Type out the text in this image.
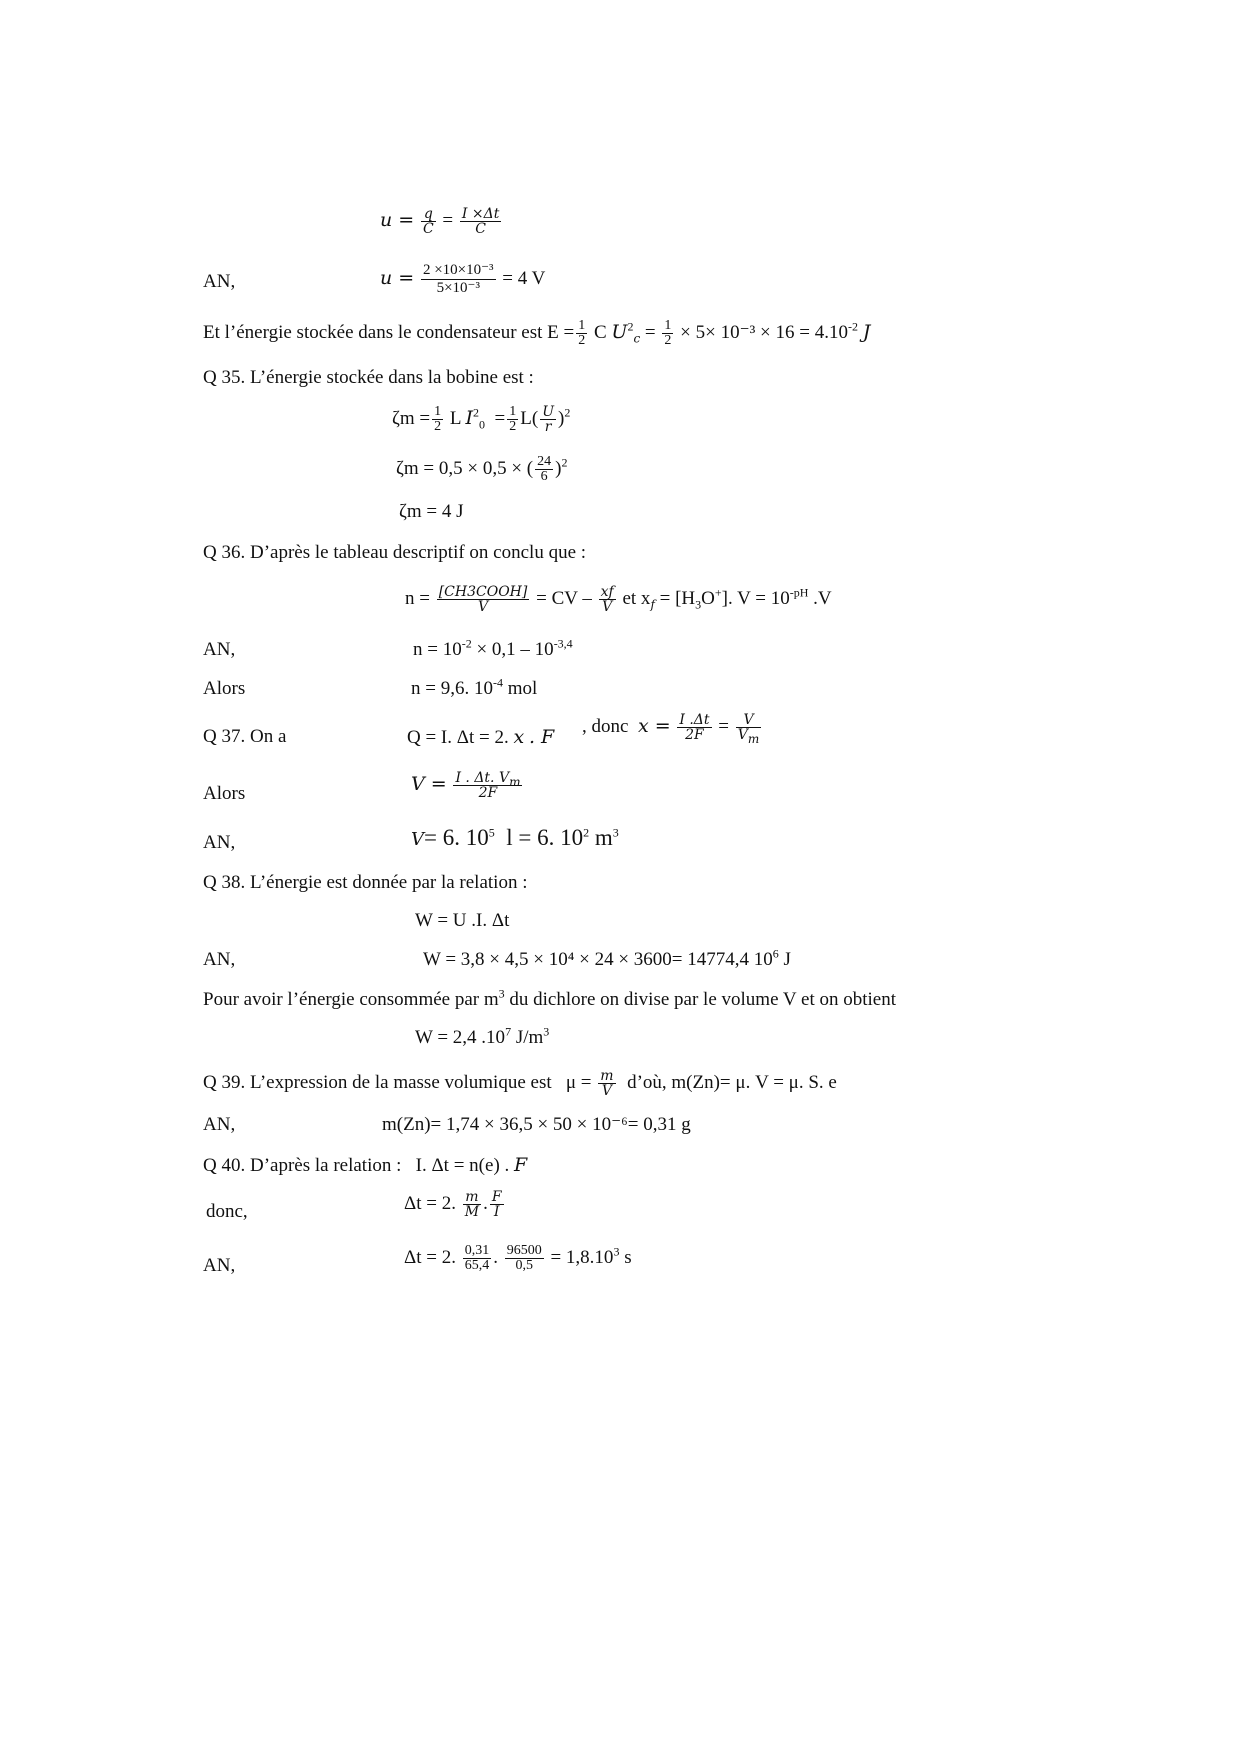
$u = \frac{q}{C} = \frac{I \times\Delta t}{C}$
AN,	$u = \frac{\text{2 ×10×10⁻³}}{\text{5×10⁻³}} = 4$ V
Et l’énergie stockée dans le condensateur est $E = \frac{1}{2}$ C $U^2_c = \frac{1}{2} \times 5\times 10^{-3} \times 16 = 4.10^{-2}$ J
Q 35. L’énergie stockée dans la bobine est :
$\zeta m = \frac{1}{2}$ L $I^2_0 = \frac{1}{2} L( \frac{U}{r} )^2$
ζm = 0,5 × 0,5 × ( $\frac{24}{6} )^2$
ζm = 4 J
Q 36. D’après le tableau descriptif on conclu que :
$n = \frac{\text{[CH3COOH]}}{V}$ = CV – $\frac{xf}{V}$ et $x_f = [H_3O^+]$. $V = 10^{-pH}$ .V
AN,	$n = 10^{-2} \times 0,1 - 10^{-3,4}$
Alors	n = 9,6. $10^{-4}$ mol
Q 37. On a	Q = I. Δt = 2. x . F , donc $x = \frac{I .\Delta t}{2F} = \frac{V}{V_m}$
Alors	$V = \frac{I . \Delta t. V_m}{2F}$
AN,	V= 6. $10^5$ l = 6. $10^2$ $m^3$
Q 38. L’énergie est donnée par la relation :
W = U .I. Δt
AN,	W = 3,8 × 4,5 × 10⁴ × 24 × 3600= 14774,4 $10^6$ J
Pour avoir l’énergie consommée par $m^3$ du dichlore on divise par le volume V et on obtient
W = 2,4 $.10^7$ $J/m^3$
Q 39. L’expression de la masse volumique est $\mu = \frac{m}{V}$ d’où, m(Zn)= μ. V = μ. S. e
AN,	m(Zn)= 1,74 × 36,5 × 50 × 10⁻⁶= 0,31 g
Q 40. D’après la relation : I. Δt = n(e) . F
donc,	Δt = 2. $\frac{m}{M}$ . $\frac{F}{I}$
AN,	Δt = 2. $\frac{0,31}{65,4}$ . $\frac{96500}{0,5} = 1,8.10^3$ s
